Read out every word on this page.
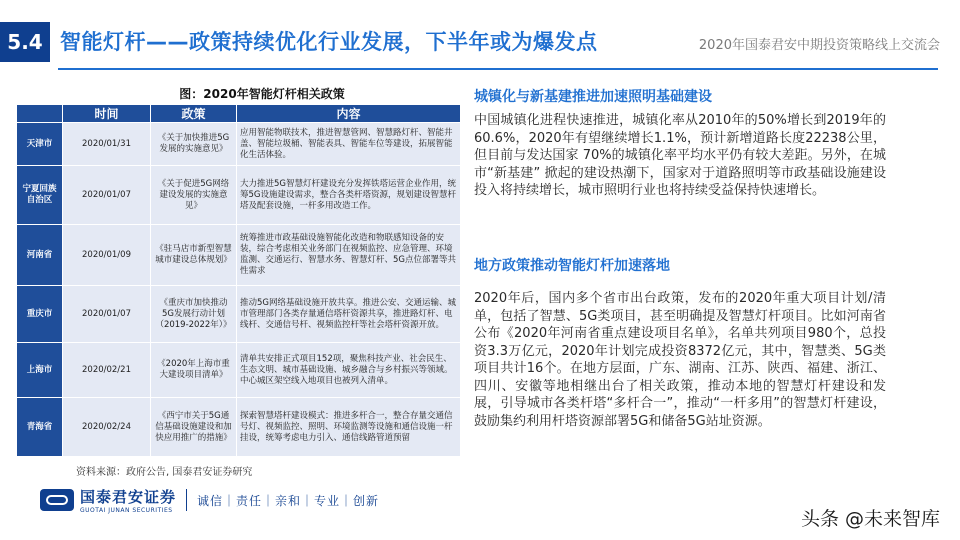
5.4 智能灯杆——政策持续优化行业发展，下半年或为爆发点	2020年国泰君安中期投资策略线上交流会
图：2020年智能灯杆相关政策
	时间	政策	内容
天津市	2020/01/31	《关于加快推进5G发展的实施意见》	应用智能物联技术，推进智慧管网、智慧路灯杆、智能井盖、智能垃圾桶、智能表具、智能车位等建设，拓展智能化生活体验。
宁夏回族自治区	2020/01/07	《关于促进5G网络建设发展的实施意见》	大力推进5G智慧灯杆建设充分发挥铁塔运营企业作用，统筹5G设施建设需求，整合各类杆塔资源，规划建设智慧杆塔及配套设施，一杆多用改造工作。
河南省	2020/01/09	《驻马店市新型智慧城市建设总体规划》	统筹推进市政基础设施智能化改造和物联感知设备的安装，综合考虑相关业务部门在视频监控、应急管理、环境监测、交通运行、智慧水务、智慧灯杆、5G点位部署等共性需求
重庆市	2020/01/07	《重庆市加快推动5G发展行动计划（2019-2022年）》	推动5G网络基础设施开放共享。推进公安、交通运输、城市管理部门各类存量通信塔杆资源共享，推进路灯杆、电线杆、交通信号杆、视频监控杆等社会塔杆资源开放。
上海市	2020/02/21	《2020年上海市重大建设项目清单》	清单共安排正式项目152项，聚焦科技产业、社会民生、生态文明、城市基础设施、城乡融合与乡村振兴等领域。中心城区架空线入地项目也被列入清单。
青海省	2020/02/24	《西宁市关于5G通信基础设施建设和加快应用推广的措施》	探索智慧塔杆建设模式：推进多杆合一，整合存量交通信号灯、视频监控、照明、环境监测等设施和通信设施一杆挂设，统筹考虑电力引入、通信线路管道预留
资料来源：政府公告, 国泰君安证券研究
城镇化与新基建推进加速照明基础建设

中国城镇化进程快速推进，城镇化率从2010年的50%增长到2019年的60.6%，2020年有望继续增长1.1%，预计新增道路长度22238公里，但目前与发达国家 70%的城镇化率平均水平仍有较大差距。另外，在城市“新基建” 掀起的建设热潮下，国家对于道路照明等市政基础设施建设投入将持续增长，城市照明行业也将持续受益保持快速增长。

地方政策推动智能灯杆加速落地

2020年后，国内多个省市出台政策，发布的2020年重大项目计划/清单，包括了智慧、5G类项目，甚至明确提及智慧灯杆项目。比如河南省公布《2020年河南省重点建设项目名单》，名单共列项目980个，总投资3.3万亿元，2020年计划完成投资8372亿元，其中，智慧类、5G类项目共计16个。在地方层面，广东、湖南、江苏、陕西、福建、浙江、四川、安徽等地相继出台了相关政策，推动本地的智慧灯杆建设和发展，引导城市各类杆塔“多杆合一”，推动“一杆多用”的智慧灯杆建设，鼓励集约利用杆塔资源部署5G和储备5G站址资源。

国泰君安证券
GUOTAI JUNAN SECURITIES
诚信｜责任｜亲和｜专业｜创新
头条 @未来智库
